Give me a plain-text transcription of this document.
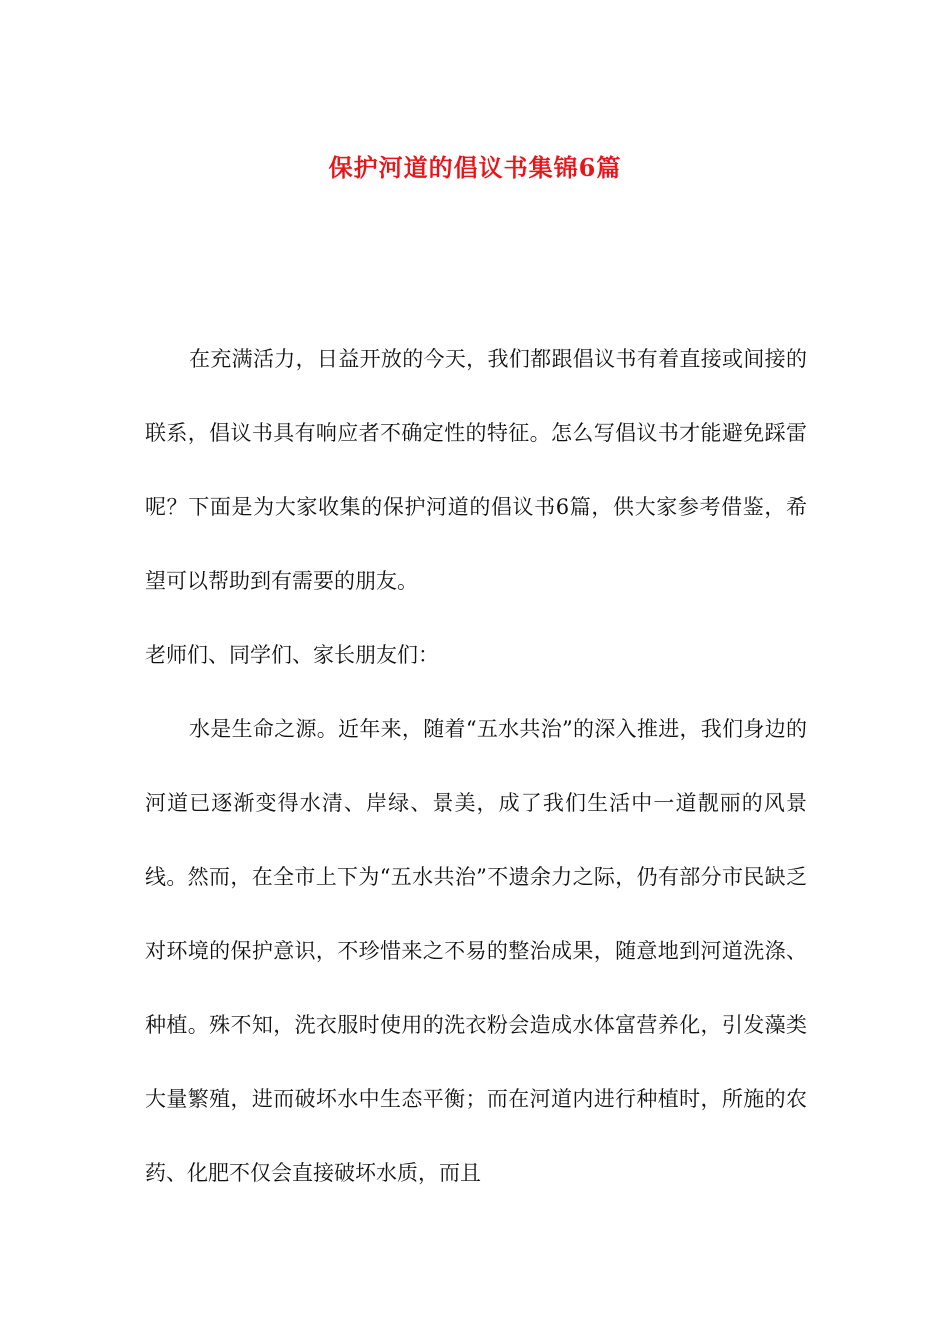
保护河道的倡议书集锦6篇

在充满活力，日益开放的今天，我们都跟倡议书有着直接或间接的联系，倡议书具有响应者不确定性的特征。怎么写倡议书才能避免踩雷呢？下面是为大家收集的保护河道的倡议书6篇，供大家参考借鉴，希望可以帮助到有需要的朋友。

老师们、同学们、家长朋友们：

水是生命之源。近年来，随着“五水共治”的深入推进，我们身边的河道已逐渐变得水清、岸绿、景美，成了我们生活中一道靓丽的风景线。然而，在全市上下为“五水共治”不遗余力之际，仍有部分市民缺乏对环境的保护意识，不珍惜来之不易的整治成果，随意地到河道洗涤、种植。殊不知，洗衣服时使用的洗衣粉会造成水体富营养化，引发藻类大量繁殖，进而破坏水中生态平衡；而在河道内进行种植时，所施的农药、化肥不仅会直接破坏水质，而且
